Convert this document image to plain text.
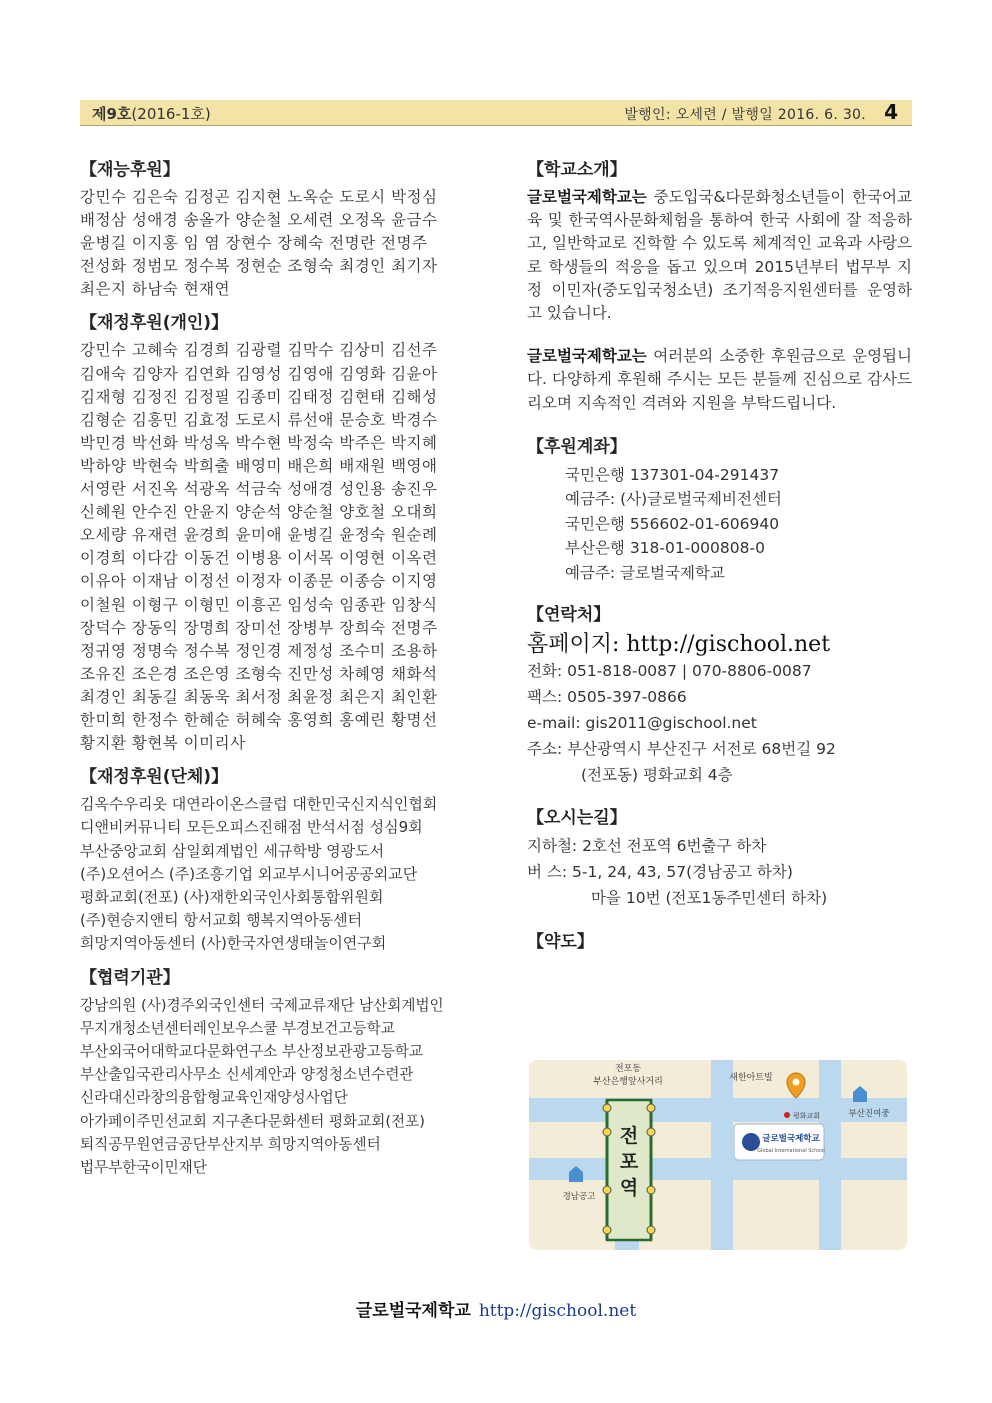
제9호(2016-1호)	발행인: 오세련 / 발행일 2016. 6. 30. 4
【재능후원】
강민수 김은숙 김정곤 김지현 노옥순 도로시 박정심
배정삼 성애경 송올가 양순철 오세련 오정옥 윤금수
윤병길 이지홍 임 염 장현수 장혜숙 전명란 전명주
전성화 정범모 정수복 정현순 조형숙 최경인 최기자
최은지 하남숙 현재연
【재정후원(개인)】
강민수 고혜숙 김경희 김광렬 김막수 김상미 김선주
김애숙 김양자 김연화 김영성 김영애 김영화 김윤아
김재형 김정진 김정필 김종미 김태정 김현태 김해성
김형순 김홍민 김효정 도로시 류선애 문승호 박경수
박민경 박선화 박성옥 박수현 박정숙 박주은 박지혜
박하양 박현숙 박희출 배영미 배은희 배재원 백영애
서영란 서진옥 석광옥 석금숙 성애경 성인용 송진우
신혜원 안수진 안윤지 양순석 양순철 양호철 오대희
오세량 유재련 윤경희 윤미애 윤병길 윤정숙 원순례
이경희 이다감 이동건 이병용 이서목 이영현 이옥련
이유아 이재남 이정선 이정자 이종문 이종승 이지영
이철원 이형구 이형민 이흥곤 임성숙 임종관 임창식
장덕수 장동익 장명희 장미선 장병부 장희숙 전명주
정귀영 정명숙 정수복 정인경 제정성 조수미 조용하
조유진 조은경 조은영 조형숙 진만성 차혜영 채화석
최경인 최동길 최동욱 최서정 최윤정 최은지 최인환
한미희 한정수 한혜순 허혜숙 홍영희 홍예린 황명선
황지환 황현복 이미리사
【재정후원(단체)】
김옥수우리옷 대연라이온스클럽 대한민국신지식인협회
디앤비커뮤니티 모든오피스진해점 반석서점 성심9회
부산중앙교회 삼일회계법인 세규학방 영광도서
(주)오션어스 (주)조흥기업 외교부시니어공공외교단
평화교회(전포) (사)재한외국인사회통합위원회
(주)현승지앤티 항서교회 행복지역아동센터
희망지역아동센터 (사)한국자연생태놀이연구회
【협력기관】
강남의원 (사)경주외국인센터 국제교류재단 남산회계법인
무지개청소년센터레인보우스쿨 부경보건고등학교
부산외국어대학교다문화연구소 부산정보관광고등학교
부산출입국관리사무소 신세계안과 양정청소년수련관
신라대신라창의융합형교육인재양성사업단
아가페이주민선교회 지구촌다문화센터 평화교회(전포)
퇴직공무원연금공단부산지부 희망지역아동센터
법무부한국이민재단
【학교소개】

글로벌국제학교는 중도입국&다문화청소년들이 한국어교육 및 한국역사문화체험을 통하여 한국 사회에 잘 적응하고, 일반학교로 진학할 수 있도록 체계적인 교육과 사랑으로 학생들의 적응을 돕고 있으며 2015년부터 법무부 지정 이민자(중도입국청소년) 조기적응지원센터를 운영하고 있습니다.

글로벌국제학교는 여러분의 소중한 후원금으로 운영됩니다. 다양하게 후원해 주시는 모든 분들께 진심으로 감사드리오며 지속적인 격려와 지원을 부탁드립니다.

【후원계좌】
국민은행 137301-04-291437
예금주: (사)글로벌국제비전센터
국민은행 556602-01-606940
부산은행 318-01-000808-0
예금주: 글로벌국제학교
【연락처】

홈페이지: http://gischool.net

전화: 051-818-0087 | 070-8806-0087
팩스: 0505-397-0866
e-mail: gis2011@gischool.net
주소: 부산광역시 부산진구 서전로 68번길 92
(전포동) 평화교회 4층
【오시는길】
지하철: 2호선 전포역 6번출구 하차
버 스: 5-1, 24, 43, 57(경남공고 하차)
마을 10번 (전포1동주민센터 하차)
【약도】
전
포
역
전포동
부산은행앞사거리	새한아트빌
평화교회
글로벌국제학교
Global International School
부산진여중
경남공고
글로벌국제학교 http://gischool.net
